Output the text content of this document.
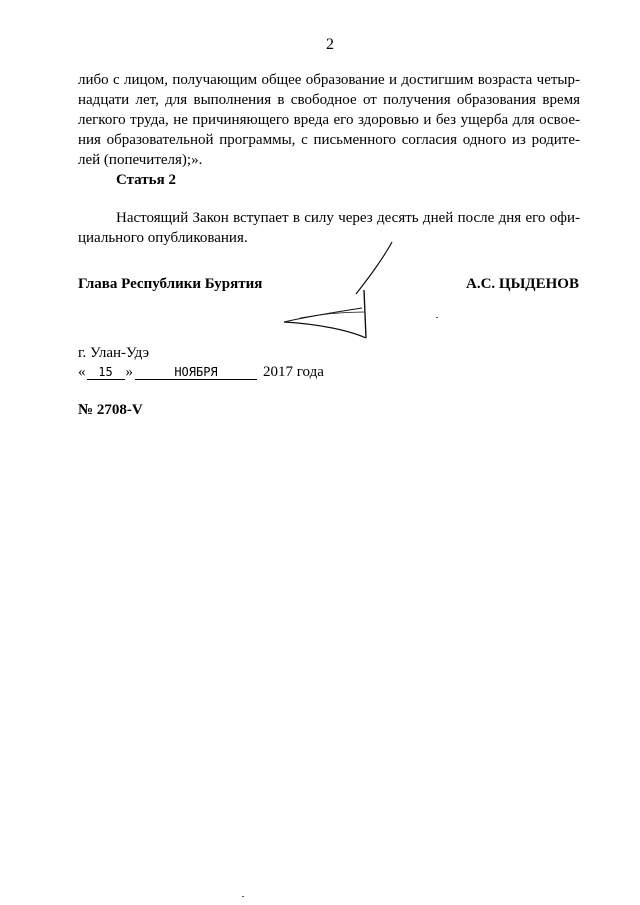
2
либо с лицом, получающим общее образование и достигшим возраста четыр-
надцати лет, для выполнения в свободное от получения образования время
легкого труда, не причиняющего вреда его здоровью и без ущерба для освое-
ния образовательной программы, с письменного согласия одного из родите-
лей (попечителя);».
Статья 2
Настоящий Закон вступает в силу через десять дней после дня его офи-
циального опубликования.
Глава Республики Бурятия	А.С. ЦЫДЕНОВ
г. Улан-Удэ
« 15 »	НОЯБРЯ	2017 года
№ 2708-V
